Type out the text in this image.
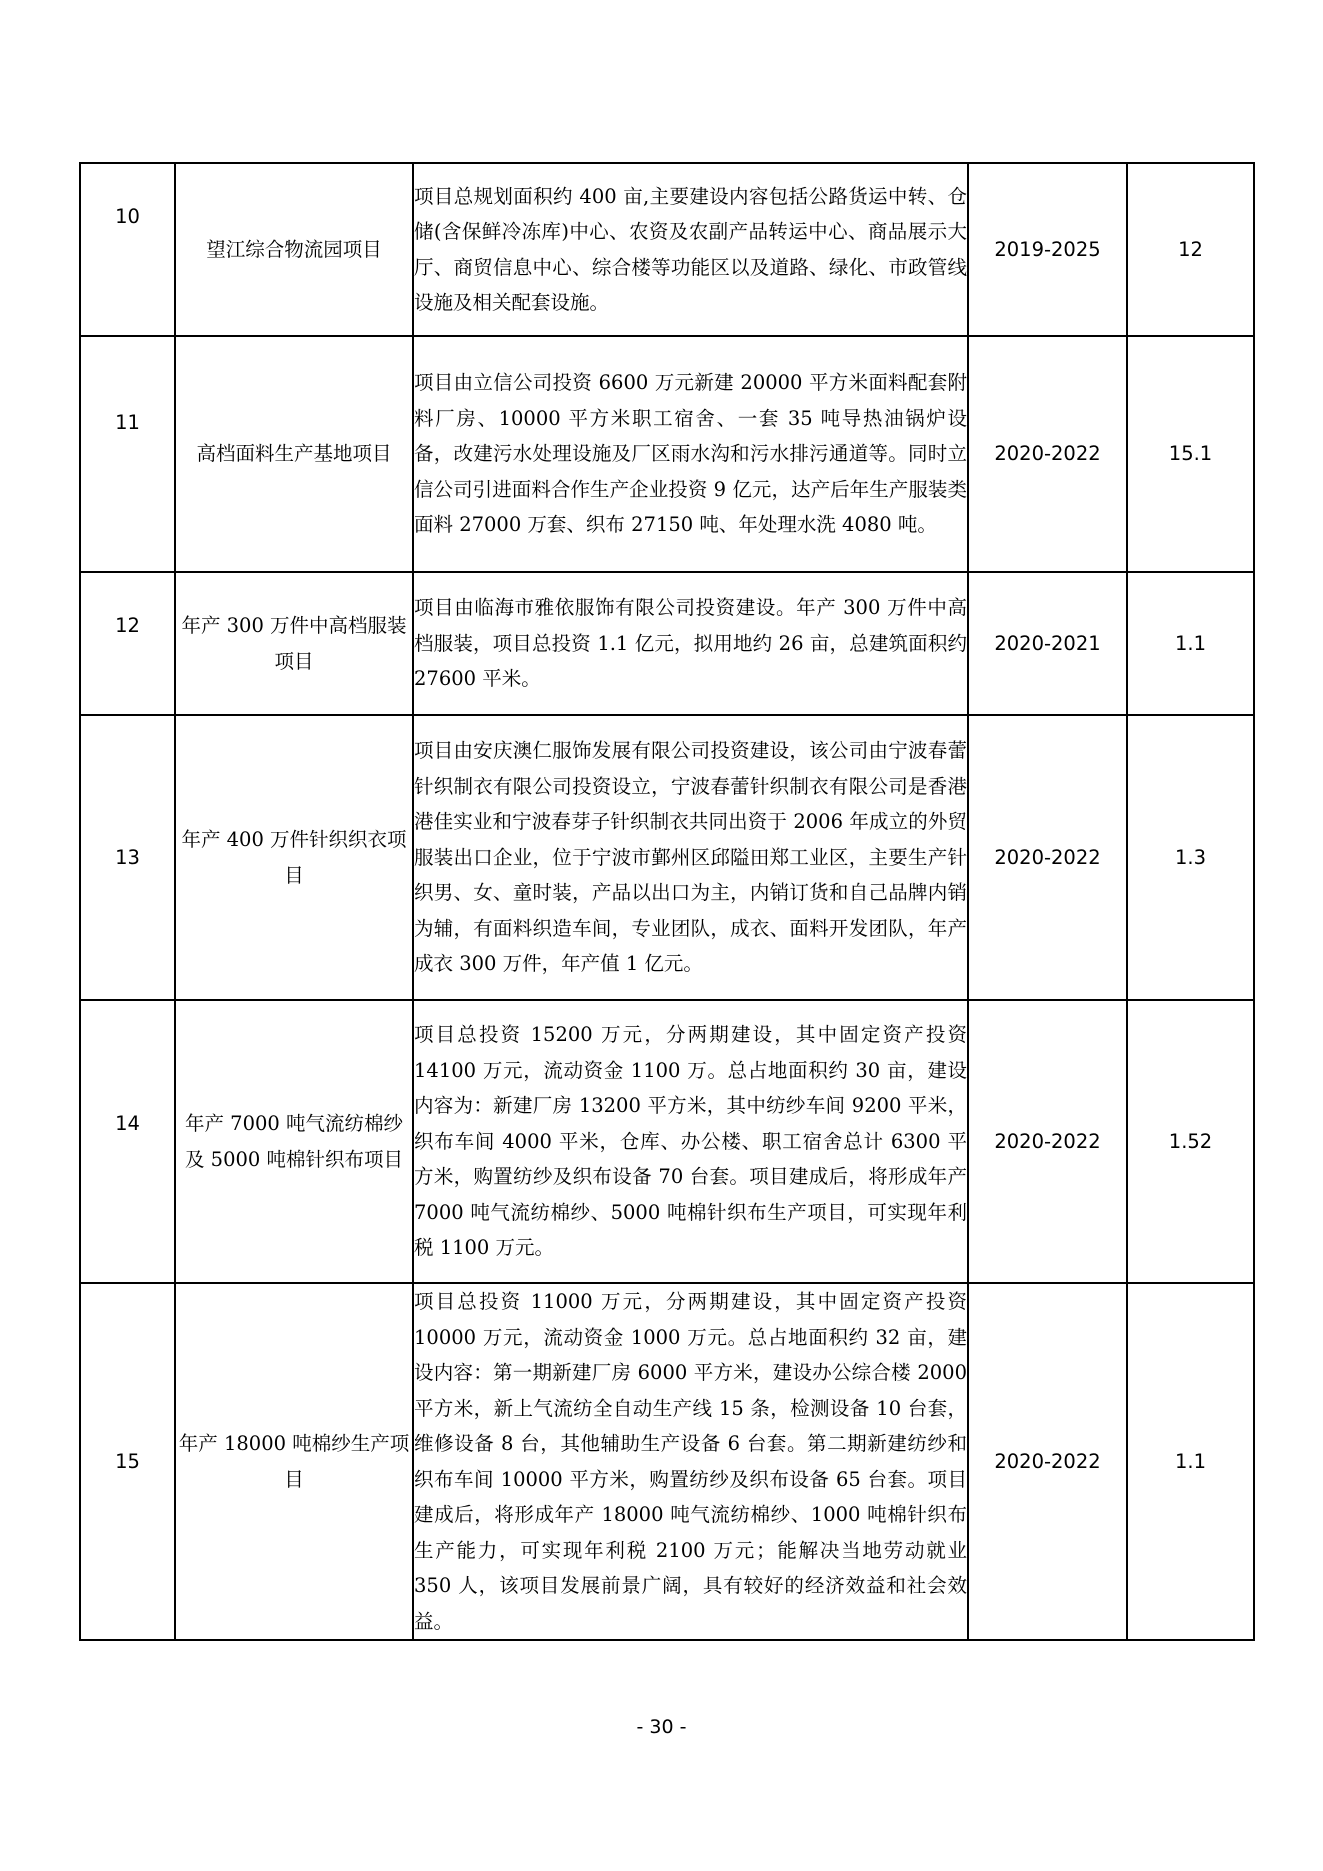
10	望江综合物流园项目	项目总规划面积约 400 亩,主要建设内容包括公路货运中转、仓储(含保鲜冷冻库)中心、农资及农副产品转运中心、商品展示大厅、商贸信息中心、综合楼等功能区以及道路、绿化、市政管线设施及相关配套设施。	2019-2025	12
11	高档面料生产基地项目	项目由立信公司投资 6600 万元新建 20000 平方米面料配套附料厂房、10000 平方米职工宿舍、一套 35 吨导热油锅炉设备，改建污水处理设施及厂区雨水沟和污水排污通道等。同时立信公司引进面料合作生产企业投资 9 亿元，达产后年生产服装类面料 27000 万套、织布 27150 吨、年处理水洗 4080 吨。	2020-2022	15.1
12	年产 300 万件中高档服装项目	项目由临海市雅依服饰有限公司投资建设。年产 300 万件中高档服装，项目总投资 1.1 亿元，拟用地约 26 亩，总建筑面积约 27600 平米。	2020-2021	1.1
13	年产 400 万件针织织衣项目	项目由安庆澳仁服饰发展有限公司投资建设，该公司由宁波春蕾针织制衣有限公司投资设立，宁波春蕾针织制衣有限公司是香港港佳实业和宁波春芽子针织制衣共同出资于 2006 年成立的外贸服装出口企业，位于宁波市鄞州区邱隘田郑工业区，主要生产针织男、女、童时装，产品以出口为主，内销订货和自己品牌内销为辅，有面料织造车间，专业团队，成衣、面料开发团队，年产成衣 300 万件，年产值 1 亿元。	2020-2022	1.3
14	年产 7000 吨气流纺棉纱及 5000 吨棉针织布项目	项目总投资 15200 万元，分两期建设，其中固定资产投资 14100 万元，流动资金 1100 万。总占地面积约 30 亩，建设内容为：新建厂房 13200 平方米，其中纺纱车间 9200 平米，织布车间 4000 平米，仓库、办公楼、职工宿舍总计 6300 平方米，购置纺纱及织布设备 70 台套。项目建成后，将形成年产 7000 吨气流纺棉纱、5000 吨棉针织布生产项目，可实现年利税 1100 万元。	2020-2022	1.52
15	年产 18000 吨棉纱生产项目	项目总投资 11000 万元，分两期建设，其中固定资产投资 10000 万元，流动资金 1000 万元。总占地面积约 32 亩，建设内容：第一期新建厂房 6000 平方米，建设办公综合楼 2000 平方米，新上气流纺全自动生产线 15 条，检测设备 10 台套，维修设备 8 台，其他辅助生产设备 6 台套。第二期新建纺纱和织布车间 10000 平方米，购置纺纱及织布设备 65 台套。项目建成后，将形成年产 18000 吨气流纺棉纱、1000 吨棉针织布生产能力，可实现年利税 2100 万元；能解决当地劳动就业 350 人，该项目发展前景广阔，具有较好的经济效益和社会效益。	2020-2022	1.1
- 30 -
